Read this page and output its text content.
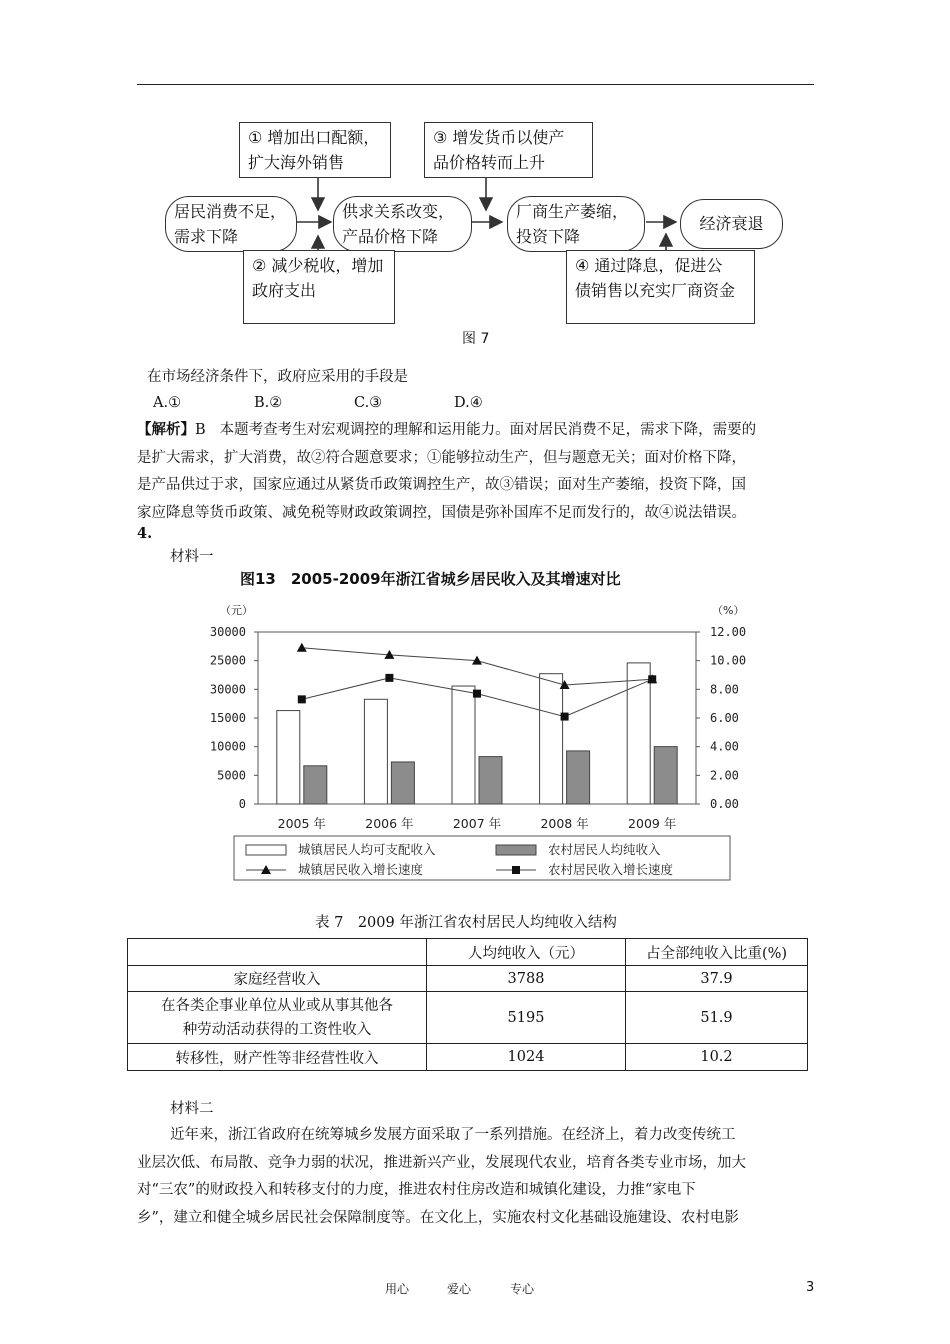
① 增加出口配额，
扩大海外销售
③ 增发货币以使产
品价格转而上升
居民消费不足，
需求下降
供求关系改变，
产品价格下降
厂商生产萎缩，
投资下降
经济衰退
② 减少税收，增加
政府支出
④ 通过降息，促进公
债销售以充实厂商资金
图 7
在市场经济条件下，政府应采用的手段是
A.①	B.②	C.③	D.④
【解析】B 本题考查考生对宏观调控的理解和运用能力。面对居民消费不足，需求下降，需要的
是扩大需求，扩大消费，故②符合题意要求；①能够拉动生产，但与题意无关；面对价格下降，
是产品供过于求，国家应通过从紧货币政策调控生产，故③错误；面对生产萎缩，投资下降，国
家应降息等货币政策、减免税等财政政策调控，国债是弥补国库不足而发行的，故④说法错误。
4.
材料一
图13　2005-2009年浙江省城乡居民收入及其增速对比
（元）	（%）
30000
25000
30000
15000
10000
5000
0
12.00
10.00
8.00
6.00
4.00
2.00
0.00
2005 年	2006 年	2007 年	2008 年	2009 年
城镇居民人均可支配收入	农村居民人均纯收入
城镇居民收入增长速度	农村居民收入增长速度
表 7　2009 年浙江省农村居民人均纯收入结构
	人均纯收入（元）	占全部纯收入比重(%)
家庭经营收入	3788	37.9

在各类企事业单位从业或从事其他各
种劳动活动获得的工资性收入	5195	51.9
转移性，财产性等非经营性收入	1024	10.2
材料二
近年来，浙江省政府在统筹城乡发展方面采取了一系列措施。在经济上，着力改变传统工
业层次低、布局散、竞争力弱的状况，推进新兴产业，发展现代农业，培育各类专业市场，加大
对“三农”的财政投入和转移支付的力度，推进农村住房改造和城镇化建设，力推“家电下
乡”，建立和健全城乡居民社会保障制度等。在文化上，实施农村文化基础设施建设、农村电影
用心	爱心	专心	3
